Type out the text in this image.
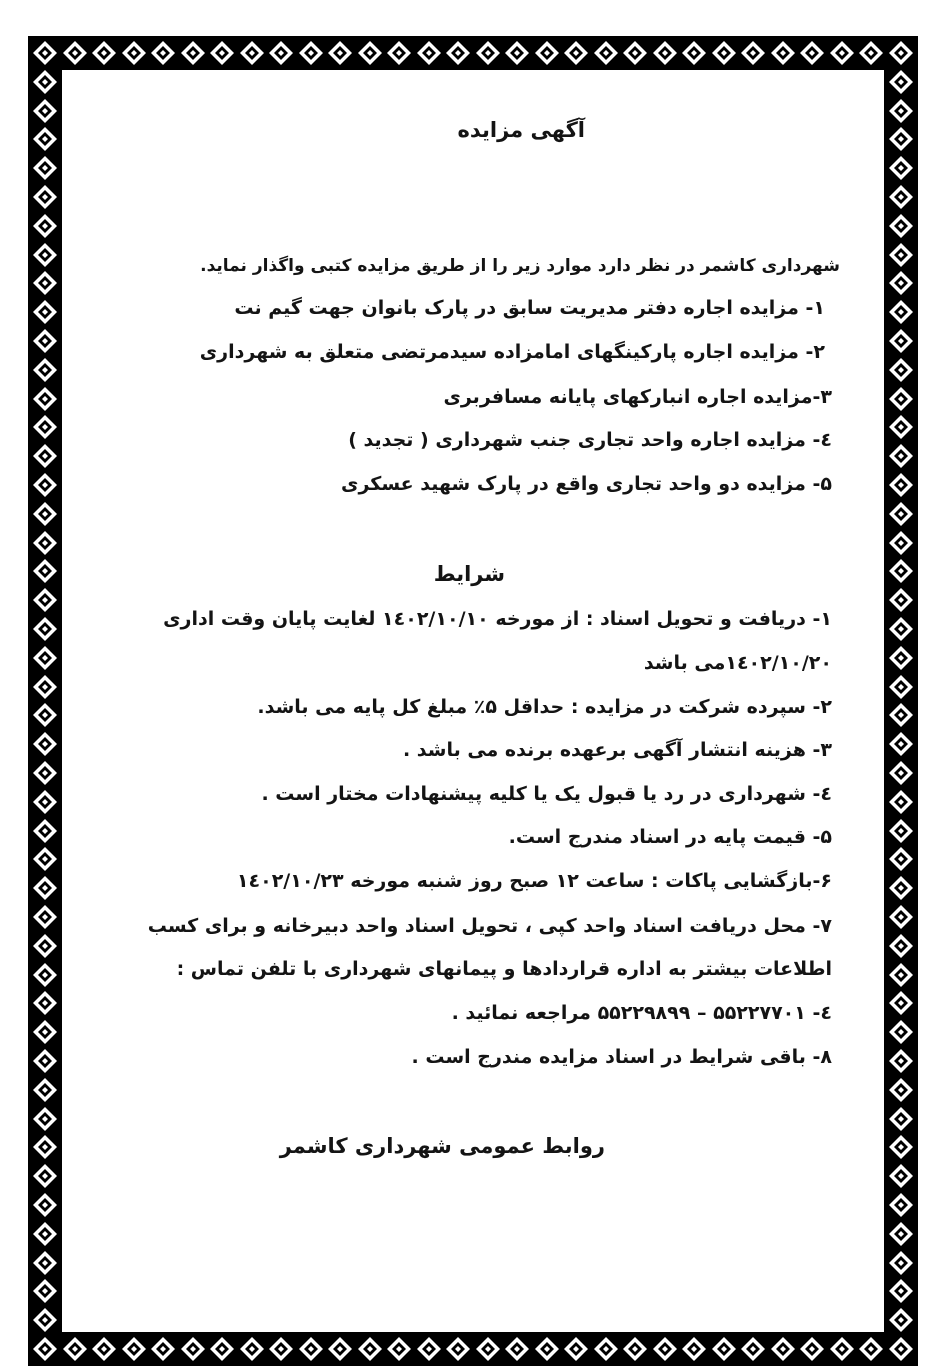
آگهی مزایده

شهرداری کاشمر در نظر دارد موارد زیر را از طریق مزایده کتبی واگذار نماید.

۱- مزایده اجاره دفتر مدیریت سابق در پارک بانوان جهت گیم نت

۲- مزایده اجاره پارکینگهای امامزاده سیدمرتضی متعلق به شهرداری

۳-مزایده اجاره انبارکهای پایانه مسافربری

٤- مزایده اجاره واحد تجاری جنب شهرداری ( تجدید )

۵- مزایده دو واحد تجاری واقع در پارک شهید عسکری

شرایط

۱- دریافت و تحویل اسناد : از مورخه ۱٤۰۲/۱۰/۱۰ لغایت پایان وقت اداری

۱٤۰۲/۱۰/۲۰می باشد

۲- سپرده شرکت در مزایده : حداقل ۵٪ مبلغ کل پایه می باشد.

۳- هزینه انتشار آگهی برعهده برنده می باشد .

٤- شهرداری در رد یا قبول یک یا کلیه پیشنهادات مختار است .

۵- قیمت پایه در اسناد مندرج است.

۶-بازگشایی پاکات : ساعت ۱۲ صبح روز شنبه مورخه ۱٤۰۲/۱۰/۲۳

۷- محل دریافت اسناد واحد کپی ، تحویل اسناد واحد دبیرخانه و برای کسب

اطلاعات بیشتر به اداره قراردادها و پیمانهای شهرداری با تلفن تماس :

٤- ۵۵۲۲۷۷۰۱ – ۵۵۲۲۹۸۹۹ مراجعه نمائید .

۸- باقی شرایط در اسناد مزایده مندرج است .

روابط عمومی شهرداری کاشمر
